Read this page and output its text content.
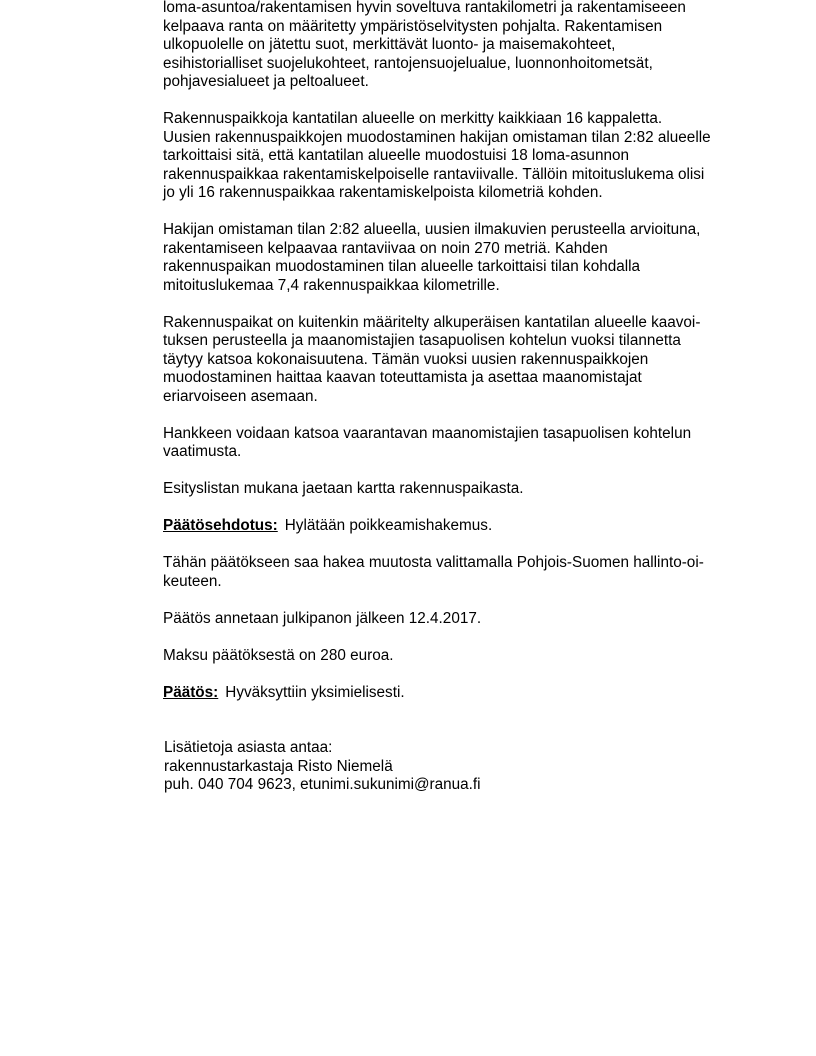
loma-asuntoa/rakentamisen hyvin soveltuva rantakilometri ja rakentamiseeen
kelpaava ranta on määritetty ympäristöselvitysten pohjalta. Rakentamisen
ulkopuolelle on jätettu suot, merkittävät luonto- ja maisemakohteet,
esihistorialliset suojelukohteet, rantojensuojelualue, luonnonhoitometsät,
pohjavesialueet ja peltoalueet.
Rakennuspaikkoja kantatilan alueelle on merkitty kaikkiaan 16 kappaletta.
Uusien rakennuspaikkojen muodostaminen hakijan omistaman tilan 2:82 alueelle
tarkoittaisi sitä, että kantatilan alueelle muodostuisi 18 loma-asunnon
rakennuspaikkaa rakentamiskelpoiselle rantaviivalle. Tällöin mitoituslukema olisi
jo yli 16 rakennuspaikkaa rakentamiskelpoista kilometriä kohden.
Hakijan omistaman tilan 2:82 alueella, uusien ilmakuvien perusteella arvioituna,
rakentamiseen kelpaavaa rantaviivaa on noin 270 metriä. Kahden
rakennuspaikan muodostaminen tilan alueelle tarkoittaisi tilan kohdalla
mitoituslukemaa 7,4 rakennuspaikkaa kilometrille.
Rakennuspaikat on kuitenkin määritelty alkuperäisen kantatilan alueelle kaavoi-
tuksen perusteella ja maanomistajien tasapuolisen kohtelun vuoksi tilannetta
täytyy katsoa kokonaisuutena. Tämän vuoksi uusien rakennuspaikkojen
muodostaminen haittaa kaavan toteuttamista ja asettaa maanomistajat
eriarvoiseen asemaan.
Hankkeen voidaan katsoa vaarantavan maanomistajien tasapuolisen kohtelun
vaatimusta.
Esityslistan mukana jaetaan kartta rakennuspaikasta.
Päätösehdotus: Hylätään poikkeamishakemus.
Tähän päätökseen saa hakea muutosta valittamalla Pohjois-Suomen hallinto-oi-
keuteen.
Päätös annetaan julkipanon jälkeen 12.4.2017.
Maksu päätöksestä on 280 euroa.
Päätös: Hyväksyttiin yksimielisesti.
Lisätietoja asiasta antaa:
rakennustarkastaja Risto Niemelä
puh. 040 704 9623, etunimi.sukunimi@ranua.fi
